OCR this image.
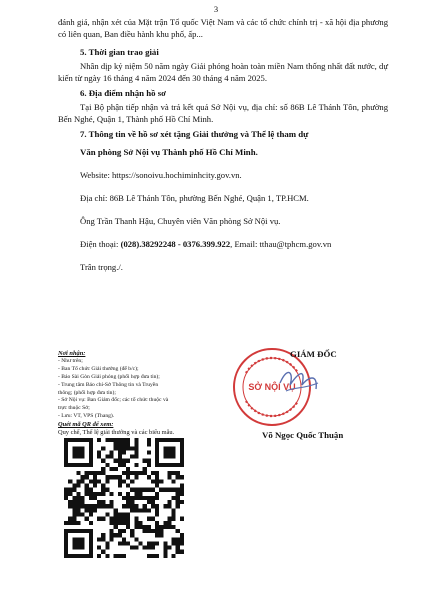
3
đánh giá, nhận xét của Mặt trận Tổ quốc Việt Nam và các tổ chức chính trị - xã hội địa phương có liên quan, Ban điều hành khu phố, ấp...
5. Thời gian trao giải
Nhân dịp kỷ niệm 50 năm ngày Giải phóng hoàn toàn miền Nam thống nhất đất nước, dự kiến từ ngày 16 tháng 4 năm 2024 đến 30 tháng 4 năm 2025.
6. Địa điểm nhận hồ sơ
Tại Bộ phận tiếp nhận và trả kết quả Sở Nội vụ, địa chỉ: số 86B Lê Thánh Tôn, phường Bến Nghé, Quận 1, Thành phố Hồ Chí Minh.
7. Thông tin về hồ sơ xét tặng Giải thưởng và Thể lệ tham dự
Văn phòng Sở Nội vụ Thành phố Hồ Chí Minh.
Website: https://sonoivu.hochiminhcity.gov.vn.
Địa chỉ: 86B Lê Thánh Tôn, phường Bến Nghé, Quận 1, TP.HCM.
Ông Trần Thanh Hậu, Chuyên viên Văn phòng Sở Nội vụ.
Điện thoại: (028).38292248 - 0376.399.922, Email: tthau@tphcm.gov.vn
Trân trọng./.
Nơi nhận:
- Như trên;
- Ban Tổ chức Giải thưởng (để b/c);
- Báo Sài Gòn Giải phóng (phối hợp đưa tin);
- Trung tâm Báo chí-Sở Thông tin và Truyền
thông; (phối hợp đưa tin);
- Sở Nội vụ: Ban Giám đốc; các tổ chức thuộc và
trực thuộc Sở;
- Lưu: VT, VPS (Thang).
Quét mã QR để xem:
Quy chế, Thể lệ giải thưởng và các biểu mẫu.
SỞ NỘI VỤ
GIÁM ĐỐC
Võ Ngọc Quốc Thuận
